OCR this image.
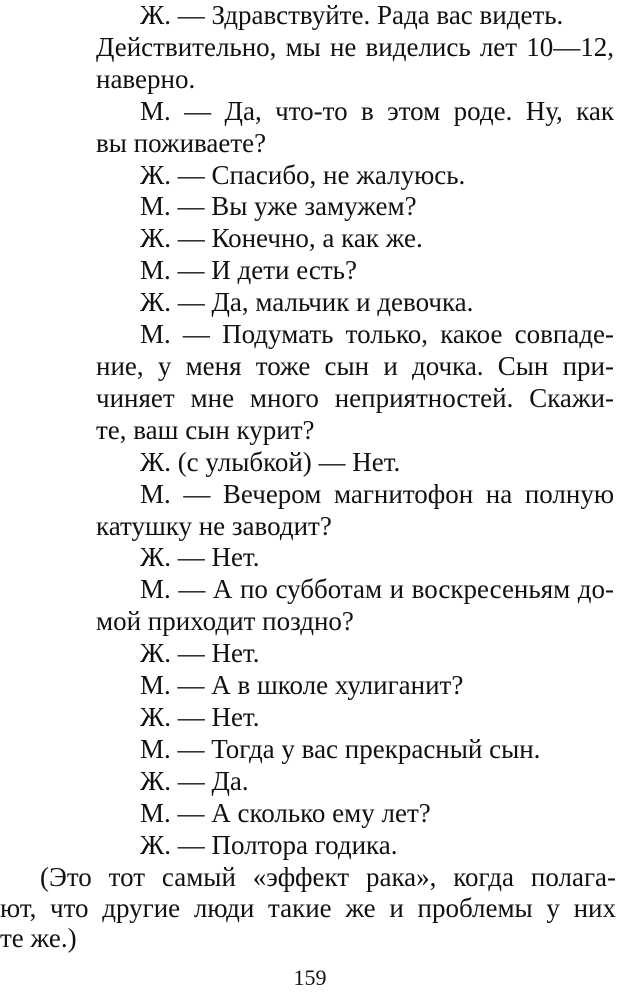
Ж. — Здравствуйте. Рада вас видеть.

Действительно, мы не виделись лет 10—12,

наверно.

М. — Да, что-то в этом роде. Ну, как

вы поживаете?

Ж. — Спасибо, не жалуюсь.

М. — Вы уже замужем?

Ж. — Конечно, а как же.

М. — И дети есть?

Ж. — Да, мальчик и девочка.

М. — Подумать только, какое совпаде-

ние, у меня тоже сын и дочка. Сын при-

чиняет мне много неприятностей. Скажи-

те, ваш сын курит?

Ж. (с улыбкой) — Нет.

М. — Вечером магнитофон на полную

катушку не заводит?

Ж. — Нет.

М. — А по субботам и воскресеньям до-

мой приходит поздно?

Ж. — Нет.

М. — А в школе хулиганит?

Ж. — Нет.

М. — Тогда у вас прекрасный сын.

Ж. — Да.

М. — А сколько ему лет?

Ж. — Полтора годика.

(Это тот самый «эффект рака», когда полага-

ют, что другие люди такие же и проблемы у них

те же.)

159
